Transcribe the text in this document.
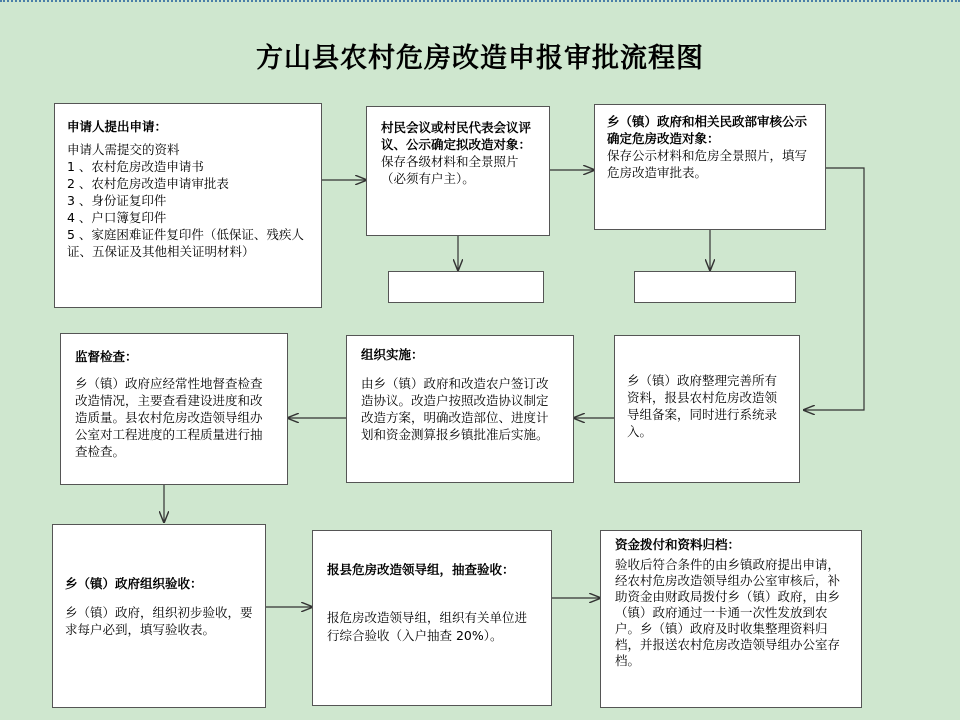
方山县农村危房改造申报审批流程图
申请人提出申请：
申请人需提交的资料
1 、农村危房改造申请书
2 、农村危房改造申请审批表
3 、身份证复印件
4 、户口簿复印件
5 、家庭困难证件复印件（低保证、残疾人证、五保证及其他相关证明材料）
村民会议或村民代表会议评议、公示确定拟改造对象：
保存各级材料和全景照片（必须有户主）。
乡（镇）政府和相关民政部审核公示确定危房改造对象：
保存公示材料和危房全景照片，填写危房改造审批表。
乡（镇）政府整理完善所有资料，报县农村危房改造领导组备案，同时进行系统录入。
组织实施：
由乡（镇）政府和改造农户签订改造协议。改造户按照改造协议制定改造方案，明确改造部位、进度计划和资金测算报乡镇批准后实施。
监督检查：
乡（镇）政府应经常性地督查检查改造情况，主要查看建设进度和改造质量。县农村危房改造领导组办公室对工程进度的工程质量进行抽查检查。
乡（镇）政府组织验收：
乡（镇）政府，组织初步验收，要求每户必到，填写验收表。
报县危房改造领导组，抽查验收：
报危房改造领导组，组织有关单位进行综合验收（入户抽查 20%）。
资金拨付和资料归档：
验收后符合条件的由乡镇政府提出申请，经农村危房改造领导组办公室审核后，补助资金由财政局拨付乡（镇）政府，由乡（镇）政府通过一卡通一次性发放到农户。乡（镇）政府及时收集整理资料归档，并报送农村危房改造领导组办公室存档。
